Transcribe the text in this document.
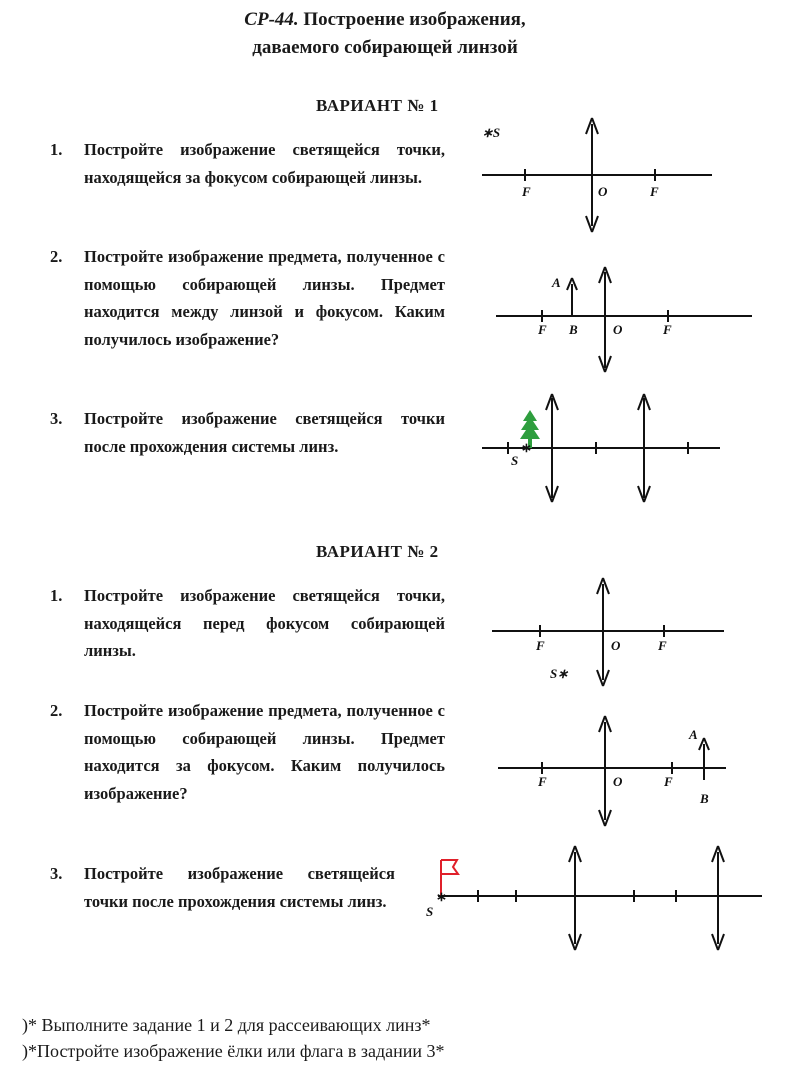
СР-44. Построение изображения,
даваемого собирающей линзой
ВАРИАНТ № 1
1. Постройте изображение светящейся точки, находящейся за фокусом собирающей линзы.
2. Постройте изображение предмета, полученное с помощью собирающей линзы. Предмет находится между линзой и фокусом. Каким получилось изображение?
3. Постройте изображение светящейся точки после прохождения системы линз.
ВАРИАНТ № 2
1. Постройте изображение светящейся точки, находящейся перед фокусом собирающей линзы.
2. Постройте изображение предмета, полученное с помощью собирающей линзы. Предмет находится за фокусом. Каким получилось изображение?
3. Постройте изображение светящейся точки после прохождения системы линз.
∗S
F	O	F
A
F B	O	F
∗
S
F	O	F
S∗
F	O	F
A
B
∗
S
)* Выполните задание 1 и 2 для рассеивающих линз*
)*Постройте изображение ёлки или флага в задании 3*
